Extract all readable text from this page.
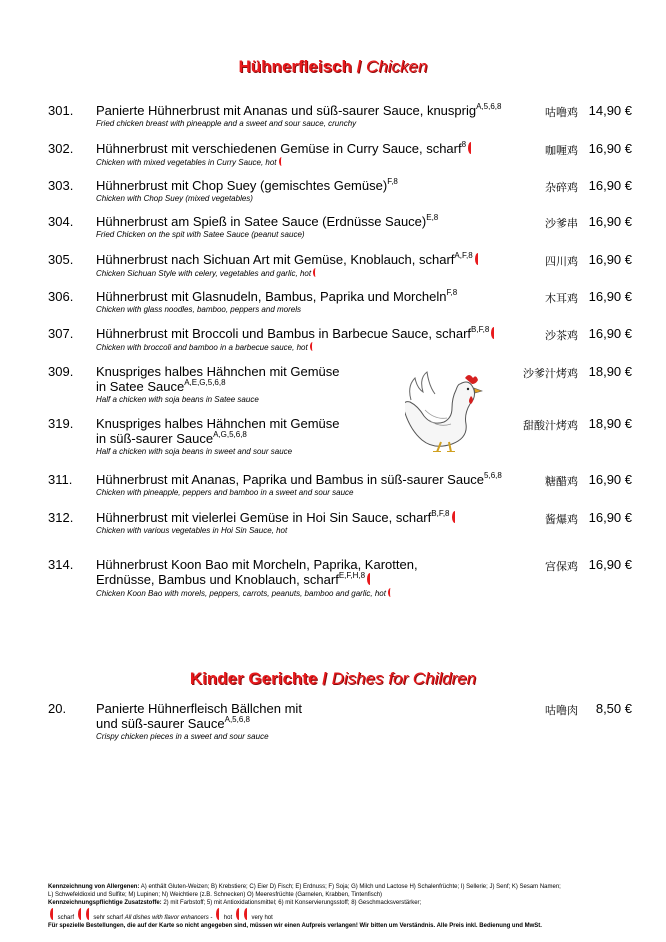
Hühnerfleisch / Chicken
301. Panierte Hühnerbrust mit Ananas und süß-saurer Sauce, knusprig$^{A,5,6,8}$
Fried chicken breast with pineapple and a sweet and sour sauce, crunchy
咕噜鸡 14,90 €
302. Hühnerbrust mit verschiedenen Gemüse in Curry Sauce, scharf$^8$
Chicken with mixed vegetables in Curry Sauce, hot
咖喱鸡 16,90 €
303. Hühnerbrust mit Chop Suey (gemischtes Gemüse)$^{F,8}$
Chicken with Chop Suey (mixed vegetables)
杂碎鸡 16,90 €
304. Hühnerbrust am Spieß in Satee Sauce (Erdnüsse Sauce)$^{E,8}$
Fried Chicken on the spit with Satee Sauce (peanut sauce)
沙爹串 16,90 €
305. Hühnerbrust nach Sichuan Art mit Gemüse, Knoblauch, scharf$^{A,F,8}$
Chicken Sichuan Style with celery, vegetables and garlic, hot
四川鸡 16,90 €
306. Hühnerbrust mit Glasnudeln, Bambus, Paprika und Morcheln$^{F,8}$
Chicken with glass noodles, bamboo, peppers and morels
木耳鸡 16,90 €
307. Hühnerbrust mit Broccoli und Bambus in Barbecue Sauce, scharf$^{B,F,8}$
Chicken with broccoli and bamboo in a barbecue sauce, hot
沙茶鸡 16,90 €
309. Knuspriges halbes Hähnchen mit Gemüse
in Satee Sauce$^{A,E,G,5,6,8}$
Half a chicken with soja beans in Satee sauce
沙爹汁烤鸡 18,90 €
319. Knuspriges halbes Hähnchen mit Gemüse
in süß-saurer Sauce$^{A,G,5,6,8}$
Half a chicken with soja beans in sweet and sour sauce
甜酸汁烤鸡 18,90 €
311. Hühnerbrust mit Ananas, Paprika und Bambus in süß-saurer Sauce$^{5,6,8}$
Chicken with pineapple, peppers and bamboo in a sweet and sour sauce
糖醋鸡 16,90 €
312. Hühnerbrust mit vielerlei Gemüse in Hoi Sin Sauce, scharf$^{B,F,8}$
Chicken with various vegetables in Hoi Sin Sauce, hot
酱爆鸡 16,90 €
314. Hühnerbrust Koon Bao mit Morcheln, Paprika, Karotten,
Erdnüsse, Bambus und Knoblauch, scharf$^{E,F,H,8}$
Chicken Koon Bao with morels, peppers, carrots, peanuts, bamboo and garlic, hot
宫保鸡 16,90 €
Kinder Gerichte / Dishes for Children
20. Panierte Hühnerfleisch Bällchen mit
und süß-saurer Sauce$^{A,5,6,8}$
Crispy chicken pieces in a sweet and sour sauce
咕噜肉 8,50 €
Kennzeichnung von Allergenen: A) enthält Gluten-Weizen; B) Krebstiere; C) Eier D) Fisch; E) Erdnuss; F) Soja; G) Milch und Lactose H) Schalenfrüchte; I) Sellerie; J) Senf; K) Sesam Namen;
L) Schwefeldioxid und Sulfite; M) Lupinen; N) Weichtiere (z.B. Schnecken) O) Meeresfrüchte (Garnelen, Krabben, Tintenfisch)
Kennzeichnungspflichtige Zusatzstoffe: 2) mit Farbstoff; 5) mit Antioxidationsmittel; 6) mit Konservierungsstoff; 8) Geschmacksverstärker;
scharf	sehr scharf All dishes with flavor enhancers - hot	very hot
Für spezielle Bestellungen, die auf der Karte so nicht angegeben sind, müssen wir einen Aufpreis verlangen! Wir bitten um Verständnis. Alle Preis inkl. Bedienung und MwSt.
